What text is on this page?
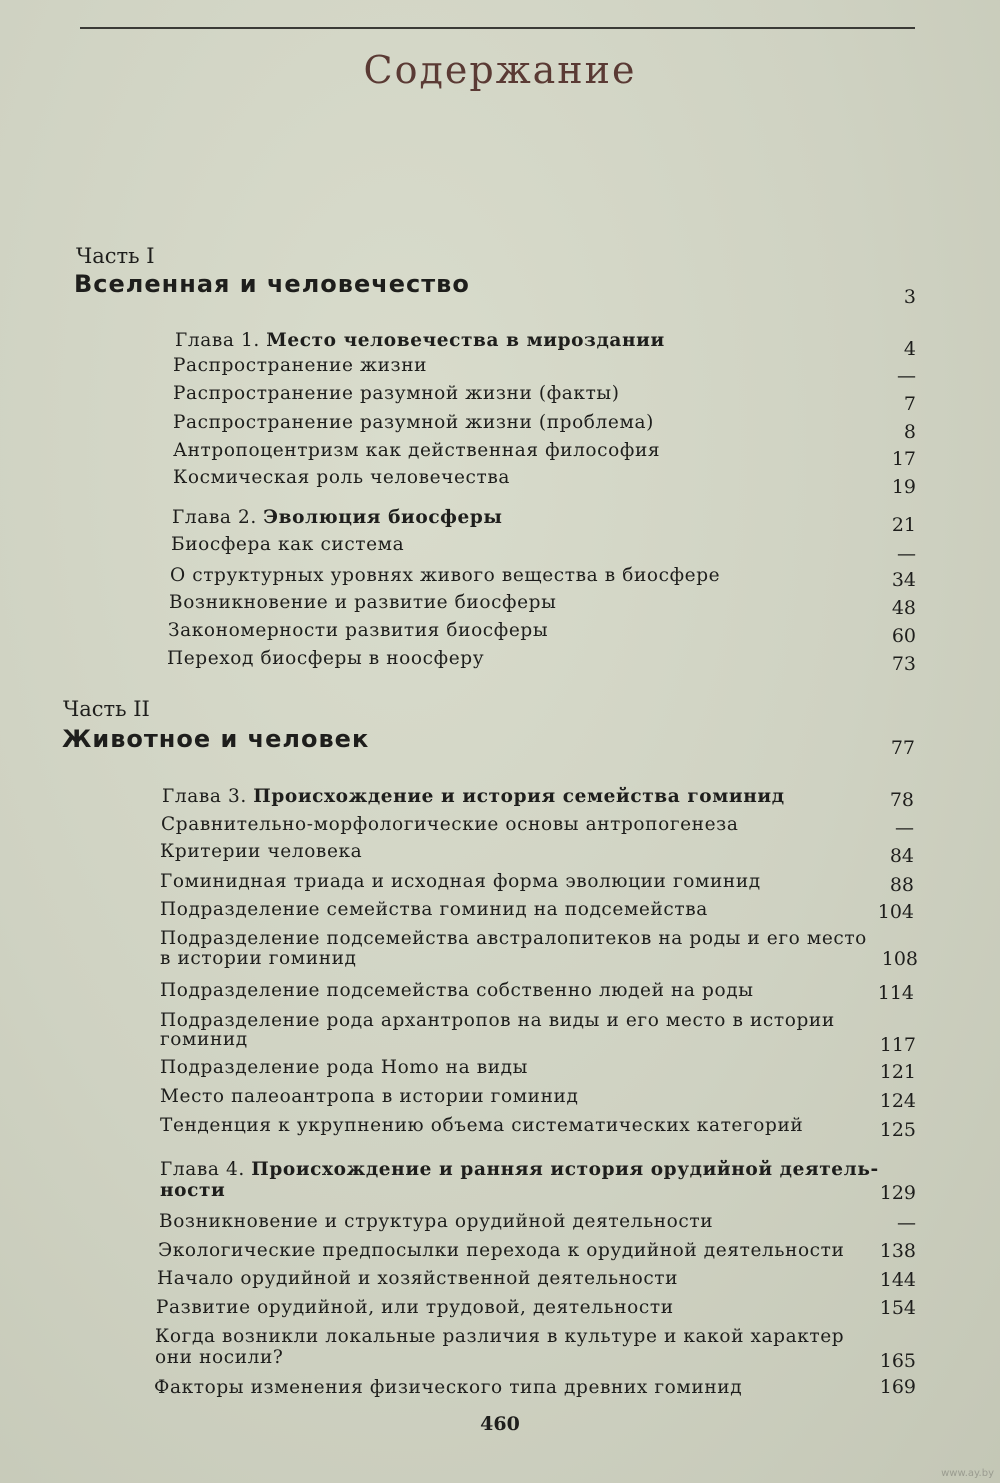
Содержание
Часть I
Вселенная и человечество	3
Глава 1. Место человечества в мироздании	4
Распространение жизни	—
Распространение разумной жизни (факты)	7
Распространение разумной жизни (проблема)	8
Антропоцентризм как действенная философия	17
Космическая роль человечества	19
Глава 2. Эволюция биосферы	21
Биосфера как система	—
О структурных уровнях живого вещества в биосфере	34
Возникновение и развитие биосферы	48
Закономерности развития биосферы	60
Переход биосферы в ноосферу	73
Часть II
Животное и человек	77
Глава 3. Происхождение и история семейства гоминид	78
Сравнительно-морфологические основы антропогенеза	—
Критерии человека	84
Гоминидная триада и исходная форма эволюции гоминид	88
Подразделение семейства гоминид на подсемейства	104
Подразделение подсемейства австралопитеков на роды и его место
в истории гоминид	108
Подразделение подсемейства собственно людей на роды	114
Подразделение рода архантропов на виды и его место в истории
гоминид	117
Подразделение рода Homo на виды	121
Место палеоантропа в истории гоминид	124
Тенденция к укрупнению объема систематических категорий	125
Глава 4. Происхождение и ранняя история орудийной деятель-
ности	129
Возникновение и структура орудийной деятельности	—
Экологические предпосылки перехода к орудийной деятельности	138
Начало орудийной и хозяйственной деятельности	144
Развитие орудийной, или трудовой, деятельности	154
Когда возникли локальные различия в культуре и какой характер
они носили?	165
Факторы изменения физического типа древних гоминид	169
460
www.ay.by
